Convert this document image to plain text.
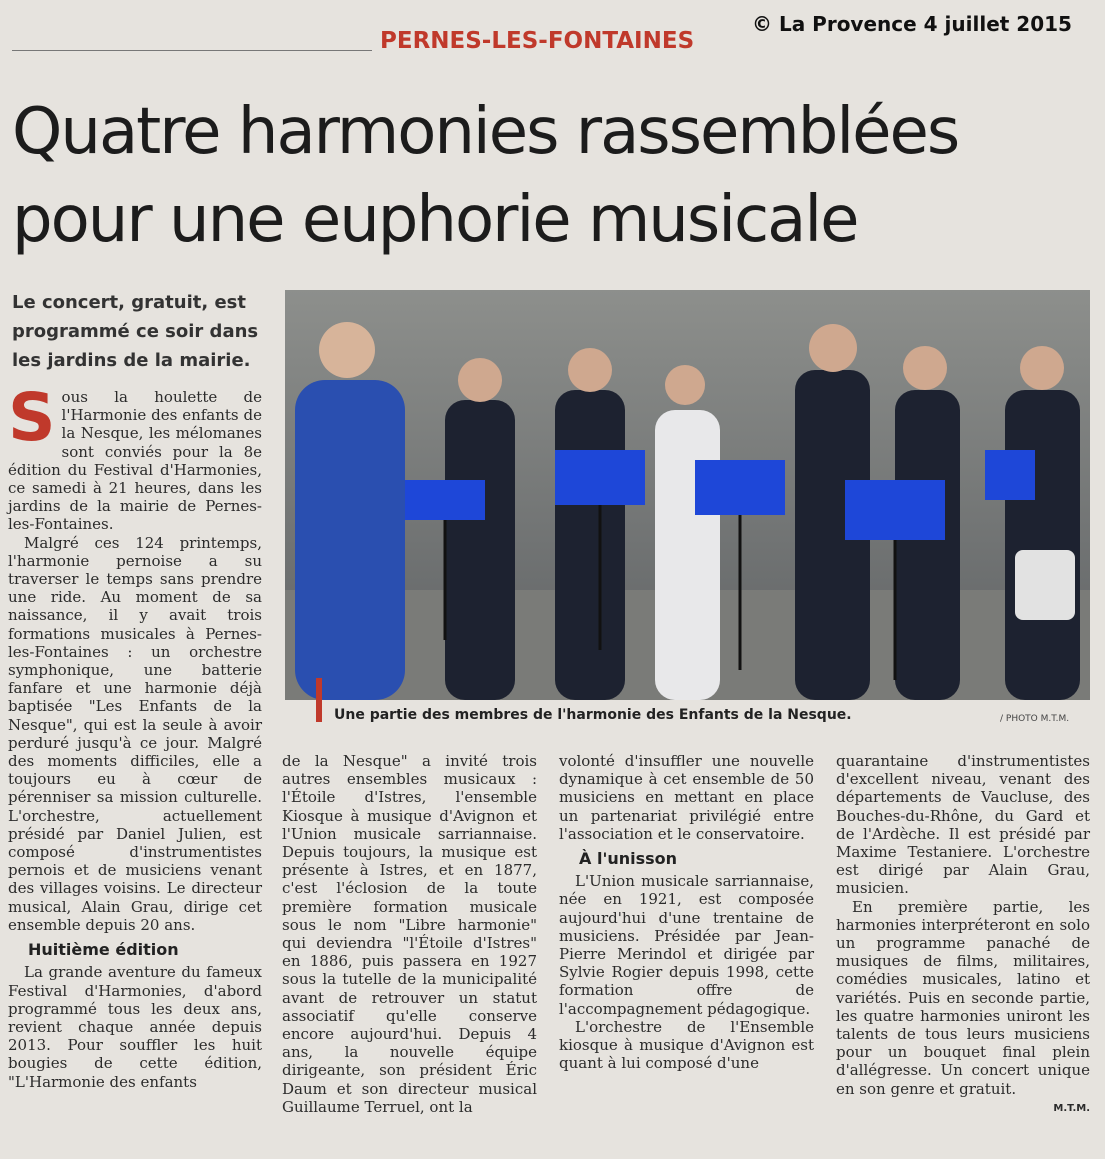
© La Provence 4 juillet 2015
PERNES-LES-FONTAINES
Quatre harmonies rassemblées
pour une euphorie musicale
Le concert, gratuit, est programmé ce soir dans les jardins de la mairie.
Une partie des membres de l'harmonie des Enfants de la Nesque.	/ PHOTO M.T.M.
S ous la houlette de l'Harmonie des enfants de la Nesque, les mélomanes sont conviés pour la 8e édition du Festival d'Harmonies, ce samedi à 21 heures, dans les jardins de la mairie de Pernes-les-Fontaines.

Malgré ces 124 printemps, l'harmonie pernoise a su traverser le temps sans prendre une ride. Au moment de sa naissance, il y avait trois formations musicales à Pernes-les-Fontaines : un orchestre symphonique, une batterie fanfare et une harmonie déjà baptisée "Les Enfants de la Nesque", qui est la seule à avoir perduré jusqu'à ce jour. Malgré des moments difficiles, elle a toujours eu à cœur de pérenniser sa mission culturelle. L'orchestre, actuellement présidé par Daniel Julien, est composé d'instrumentistes pernois et de musiciens venant des villages voisins. Le directeur musical, Alain Grau, dirige cet ensemble depuis 20 ans.

Huitième édition

La grande aventure du fameux Festival d'Harmonies, d'abord programmé tous les deux ans, revient chaque année depuis 2013. Pour souffler les huit bougies de cette édition, "L'Harmonie des enfants

de la Nesque" a invité trois autres ensembles musicaux : l'Étoile d'Istres, l'ensemble Kiosque à musique d'Avignon et l'Union musicale sarriannaise. Depuis toujours, la musique est présente à Istres, et en 1877, c'est l'éclosion de la toute première formation musicale sous le nom "Libre harmonie" qui deviendra "l'Étoile d'Istres" en 1886, puis passera en 1927 sous la tutelle de la municipalité avant de retrouver un statut associatif qu'elle conserve encore aujourd'hui. Depuis 4 ans, la nouvelle équipe dirigeante, son président Éric Daum et son directeur musical Guillaume Terruel, ont la

volonté d'insuffler une nouvelle dynamique à cet ensemble de 50 musiciens en mettant en place un partenariat privilégié entre l'association et le conservatoire.

À l'unisson

L'Union musicale sarriannaise, née en 1921, est composée aujourd'hui d'une trentaine de musiciens. Présidée par Jean-Pierre Merindol et dirigée par Sylvie Rogier depuis 1998, cette formation offre de l'accompagnement pédagogique.

L'orchestre de l'Ensemble kiosque à musique d'Avignon est quant à lui composé d'une

quarantaine d'instrumentistes d'excellent niveau, venant des départements de Vaucluse, des Bouches-du-Rhône, du Gard et de l'Ardèche. Il est présidé par Maxime Testaniere. L'orchestre est dirigé par Alain Grau, musicien.

En première partie, les harmonies interpréteront en solo un programme panaché de musiques de films, militaires, comédies musicales, latino et variétés. Puis en seconde partie, les quatre harmonies uniront les talents de tous leurs musiciens pour un bouquet final plein d'allégresse. Un concert unique en son genre et gratuit.

M.T.M.
